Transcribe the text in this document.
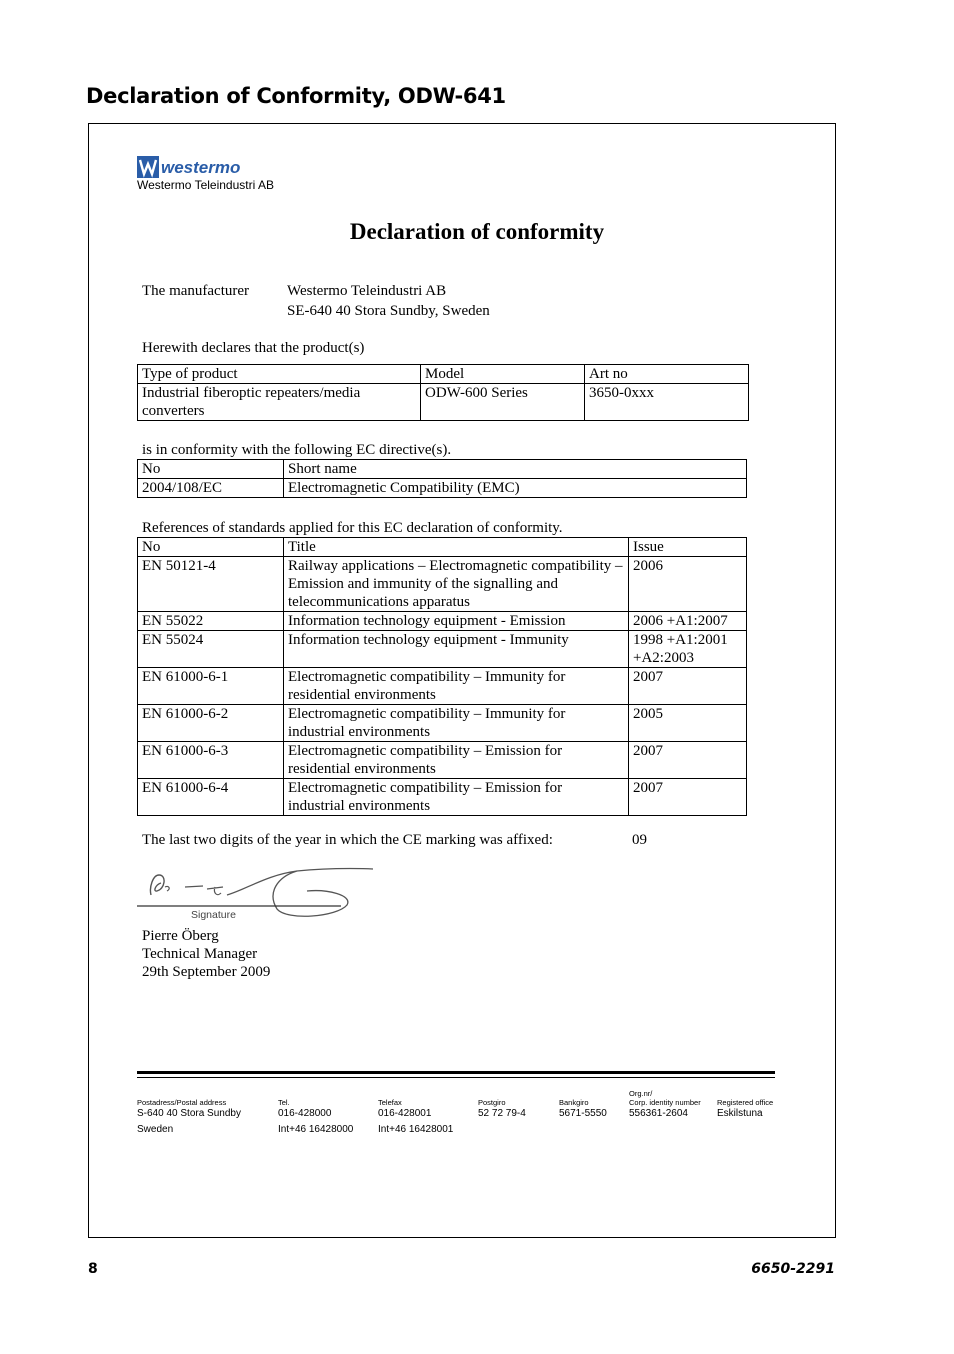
Declaration of Conformity, ODW-641
westermo
Westermo Teleindustri AB
Declaration of conformity
The manufacturer	Westermo Teleindustri AB
SE-640 40 Stora Sundby, Sweden
Herewith declares that the product(s)
Type of product	Model	Art no
Industrial fiberoptic repeaters/media converters	ODW-600 Series	3650-0xxx
is in conformity with the following EC directive(s).
No	Short name
2004/108/EC	Electromagnetic Compatibility (EMC)
References of standards applied for this EC declaration of conformity.
No	Title	Issue
EN 50121-4	Railway applications – Electromagnetic compatibility – Emission and immunity of the signalling and telecommunications apparatus	2006
EN 55022	Information technology equipment - Emission	2006 +A1:2007
EN 55024	Information technology equipment - Immunity	1998 +A1:2001 +A2:2003
EN 61000-6-1	Electromagnetic compatibility – Immunity for residential environments	2007
EN 61000-6-2	Electromagnetic compatibility – Immunity for industrial environments	2005
EN 61000-6-3	Electromagnetic compatibility – Emission for residential environments	2007
EN 61000-6-4	Electromagnetic compatibility – Emission for industrial environments	2007
The last two digits of the year in which the CE marking was affixed:	09
Signature
Pierre Öberg
Technical Manager
29th September 2009
Postadress/Postal address
S-640 40 Stora Sundby
Sweden
Tel.
016-428000
Int+46 16428000
Telefax
016-428001
Int+46 16428001
Postgiro
52 72 79-4
Bankgiro
5671-5550
Org.nr/
Corp. identity number
556361-2604
Registered office
Eskilstuna
8	6650-2291
